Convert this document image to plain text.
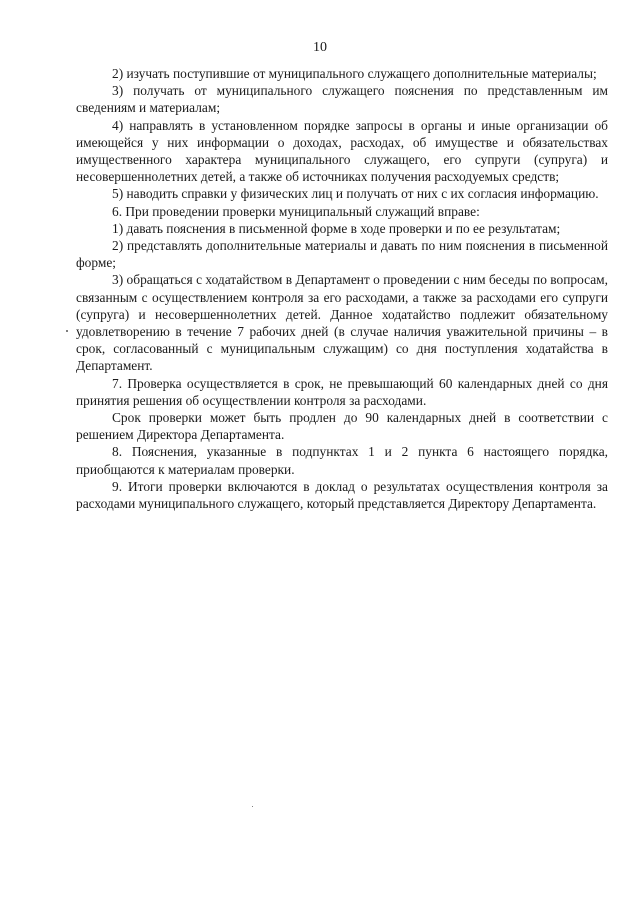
10

2) изучать поступившие от муниципального служащего дополнительные материалы;

3) получать от муниципального служащего пояснения по представленным им сведениям и материалам;

4) направлять в установленном порядке запросы в органы и иные организации об имеющейся у них информации о доходах, расходах, об имуществе и обязательствах имущественного характера муниципального служащего, его супруги (супруга) и несовершеннолетних детей, а также об источниках получения расходуемых средств;

5) наводить справки у физических лиц и получать от них с их согласия информацию.

6. При проведении проверки муниципальный служащий вправе:

1) давать пояснения в письменной форме в ходе проверки и по ее результатам;

2) представлять дополнительные материалы и давать по ним пояснения в письменной форме;

3) обращаться с ходатайством в Департамент о проведении с ним беседы по вопросам, связанным с осуществлением контроля за его расходами, а также за расходами его супруги (супруга) и несовершеннолетних детей. Данное ходатайство подлежит обязательному удовлетворению в течение 7 рабочих дней (в случае наличия уважительной причины – в срок, согласованный с муниципальным служащим) со дня поступления ходатайства в Департамент.

7. Проверка осуществляется в срок, не превышающий 60 календарных дней со дня принятия решения об осуществлении контроля за расходами.

Срок проверки может быть продлен до 90 календарных дней в соответствии с решением Директора Департамента.

8. Пояснения, указанные в подпунктах 1 и 2 пункта 6 настоящего порядка, приобщаются к материалам проверки.

9. Итоги проверки включаются в доклад о результатах осуществления контроля за расходами муниципального служащего, который представляется Директору Департамента.
